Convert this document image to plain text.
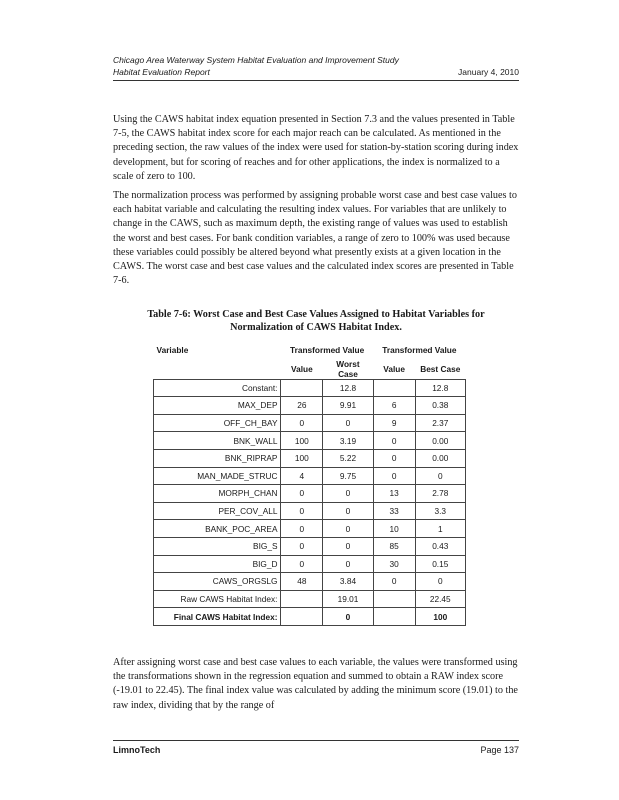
Chicago Area Waterway System Habitat Evaluation and Improvement Study
Habitat Evaluation Report	January 4, 2010
Using the CAWS habitat index equation presented in Section 7.3 and the values presented in Table 7-5, the CAWS habitat index score for each major reach can be calculated. As mentioned in the preceding section, the raw values of the index were used for station-by-station scoring during index development, but for scoring of reaches and for other applications, the index is normalized to a scale of zero to 100.
The normalization process was performed by assigning probable worst case and best case values to each habitat variable and calculating the resulting index values. For variables that are unlikely to change in the CAWS, such as maximum depth, the existing range of values was used to establish the worst and best cases. For bank condition variables, a range of zero to 100% was used because these variables could possibly be altered beyond what presently exists at a given location in the CAWS. The worst case and best case values and the calculated index scores are presented in Table 7-6.
Table 7-6: Worst Case and Best Case Values Assigned to Habitat Variables for
Normalization of CAWS Habitat Index.
Variable	Transformed Value		Transformed Value	
	Value	Worst Case	Value	Best Case
Constant:		12.8		12.8
MAX_DEP	26	9.91	6	0.38
OFF_CH_BAY	0	0	9	2.37
BNK_WALL	100	3.19	0	0.00
BNK_RIPRAP	100	5.22	0	0.00
MAN_MADE_STRUC	4	9.75	0	0
MORPH_CHAN	0	0	13	2.78
PER_COV_ALL	0	0	33	3.3
BANK_POC_AREA	0	0	10	1
BIG_S	0	0	85	0.43
BIG_D	0	0	30	0.15
CAWS_ORGSLG	48	3.84	0	0
Raw CAWS Habitat Index:		19.01		22.45
Final CAWS Habitat Index:		0		100
After assigning worst case and best case values to each variable, the values were transformed using the transformations shown in the regression equation and summed to obtain a RAW index score (-19.01 to 22.45). The final index value was calculated by adding the minimum score (19.01) to the raw index, dividing that by the range of
LimnoTech	Page 137
